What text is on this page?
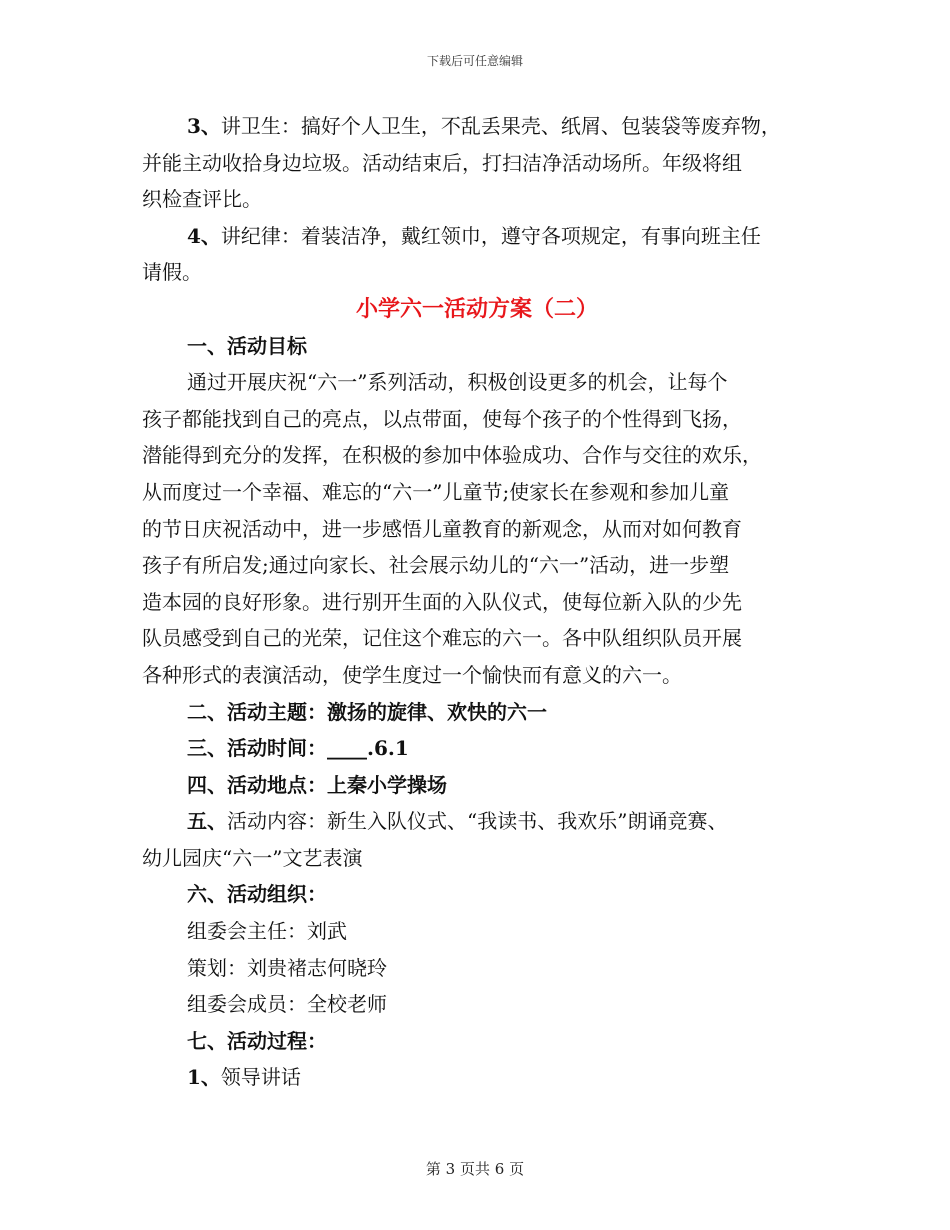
下载后可任意编辑

3、讲卫生：搞好个人卫生，不乱丢果壳、纸屑、包装袋等废弃物，

并能主动收拾身边垃圾。活动结束后，打扫洁净活动场所。年级将组

织检查评比。

4、讲纪律：着装洁净，戴红领巾，遵守各项规定，有事向班主任

请假。

小学六一活动方案（二）

一、活动目标

通过开展庆祝“六一”系列活动，积极创设更多的机会，让每个

孩子都能找到自己的亮点，以点带面，使每个孩子的个性得到飞扬，

潜能得到充分的发挥，在积极的参加中体验成功、合作与交往的欢乐，

从而度过一个幸福、难忘的“六一”儿童节;使家长在参观和参加儿童

的节日庆祝活动中，进一步感悟儿童教育的新观念，从而对如何教育

孩子有所启发;通过向家长、社会展示幼儿的“六一”活动，进一步塑

造本园的良好形象。进行别开生面的入队仪式，使每位新入队的少先

队员感受到自己的光荣，记住这个难忘的六一。各中队组织队员开展

各种形式的表演活动，使学生度过一个愉快而有意义的六一。

二、活动主题：激扬的旋律、欢快的六一

三、活动时间：____.6.1

四、活动地点：上秦小学操场

五、活动内容：新生入队仪式、“我读书、我欢乐”朗诵竞赛、

幼儿园庆“六一”文艺表演

六、活动组织：

组委会主任：刘武

策划：刘贵褚志何晓玲

组委会成员：全校老师

七、活动过程：

1、领导讲话

第 3 页共 6 页
